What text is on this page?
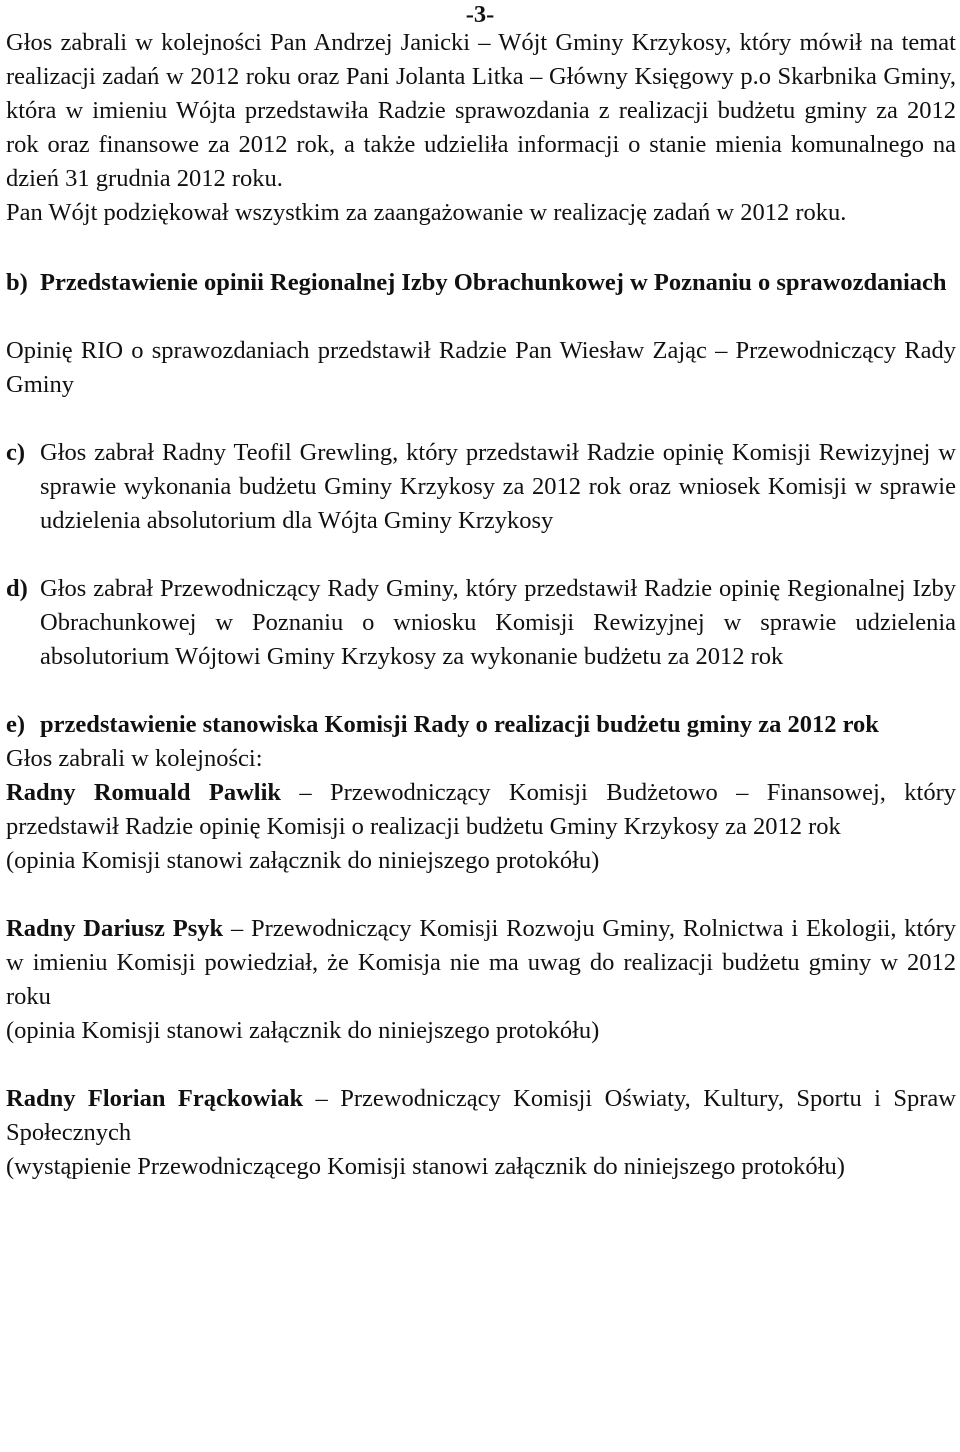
-3-

Głos zabrali w kolejności Pan Andrzej Janicki – Wójt Gminy Krzykosy, który mówił na temat realizacji zadań w 2012 roku oraz Pani Jolanta Litka – Główny Księgowy p.o Skarbnika Gminy, która w imieniu Wójta przedstawiła Radzie sprawozdania z realizacji budżetu gminy za 2012 rok oraz finansowe za 2012 rok, a także udzieliła informacji o stanie mienia komunalnego na dzień 31 grudnia 2012 roku.

Pan Wójt podziękował wszystkim za zaangażowanie w realizację zadań w 2012 roku.

b) Przedstawienie opinii Regionalnej Izby Obrachunkowej w Poznaniu o sprawozdaniach

Opinię RIO o sprawozdaniach przedstawił Radzie Pan Wiesław Zając – Przewodniczący Rady Gminy

c) Głos zabrał Radny Teofil Grewling, który przedstawił Radzie opinię Komisji Rewizyjnej w sprawie wykonania budżetu Gminy Krzykosy za 2012 rok oraz wniosek Komisji w sprawie udzielenia absolutorium dla Wójta Gminy Krzykosy
d) Głos zabrał Przewodniczący Rady Gminy, który przedstawił Radzie opinię Regionalnej Izby Obrachunkowej w Poznaniu o wniosku Komisji Rewizyjnej w sprawie udzielenia absolutorium Wójtowi Gminy Krzykosy za wykonanie budżetu za 2012 rok
e) przedstawienie stanowiska Komisji Rady o realizacji budżetu gminy za 2012 rok

Głos zabrali w kolejności:

Radny Romuald Pawlik – Przewodniczący Komisji Budżetowo – Finansowej, który przedstawił Radzie opinię Komisji o realizacji budżetu Gminy Krzykosy za 2012 rok

(opinia Komisji stanowi załącznik do niniejszego protokółu)

Radny Dariusz Psyk – Przewodniczący Komisji Rozwoju Gminy, Rolnictwa i Ekologii, który w imieniu Komisji powiedział, że Komisja nie ma uwag do realizacji budżetu gminy w 2012 roku

(opinia Komisji stanowi załącznik do niniejszego protokółu)

Radny Florian Frąckowiak – Przewodniczący Komisji Oświaty, Kultury, Sportu i Spraw Społecznych

(wystąpienie Przewodniczącego Komisji stanowi załącznik do niniejszego protokółu)
